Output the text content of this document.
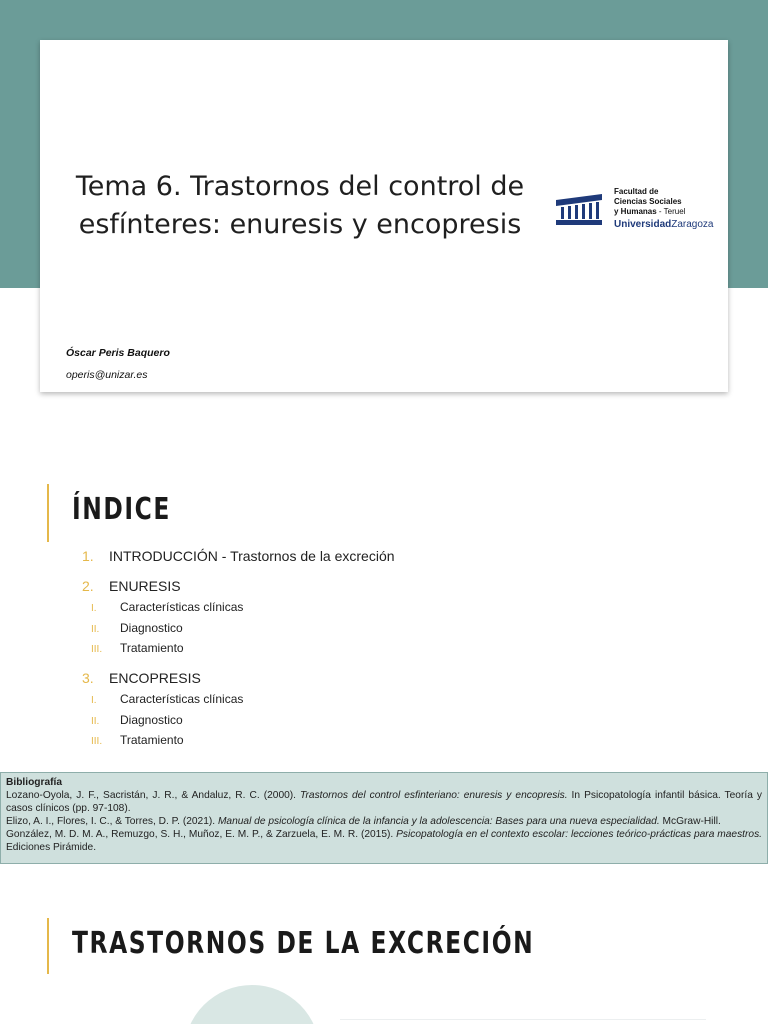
Tema 6. Trastornos del control de
esfínteres: enuresis y encopresis
Facultad de
Ciencias Sociales
y Humanas - Teruel
UniversidadZaragoza
Óscar Peris Baquero
operis@unizar.es
ÍNDICE
1.	INTRODUCCIÓN - Trastornos de la excreción
2.	ENURESIS
I.	Características clínicas
II.	Diagnostico
III.	Tratamiento
3.	ENCOPRESIS
I.	Características clínicas
II.	Diagnostico
III.	Tratamiento
Bibliografía

Lozano-Oyola, J. F., Sacristán, J. R., & Andaluz, R. C. (2000). Trastornos del control esfinteriano: enuresis y encopresis. In Psicopatología infantil básica. Teoría y casos clínicos (pp. 97-108).

Elizo, A. I., Flores, I. C., & Torres, D. P. (2021). Manual de psicología clínica de la infancia y la adolescencia: Bases para una nueva especialidad. McGraw-Hill.

González, M. D. M. A., Remuzgo, S. H., Muñoz, E. M. P., & Zarzuela, E. M. R. (2015). Psicopatología en el contexto escolar: lecciones teórico-prácticas para maestros. Ediciones Pirámide.

TRASTORNOS DE LA EXCRECIÓN
